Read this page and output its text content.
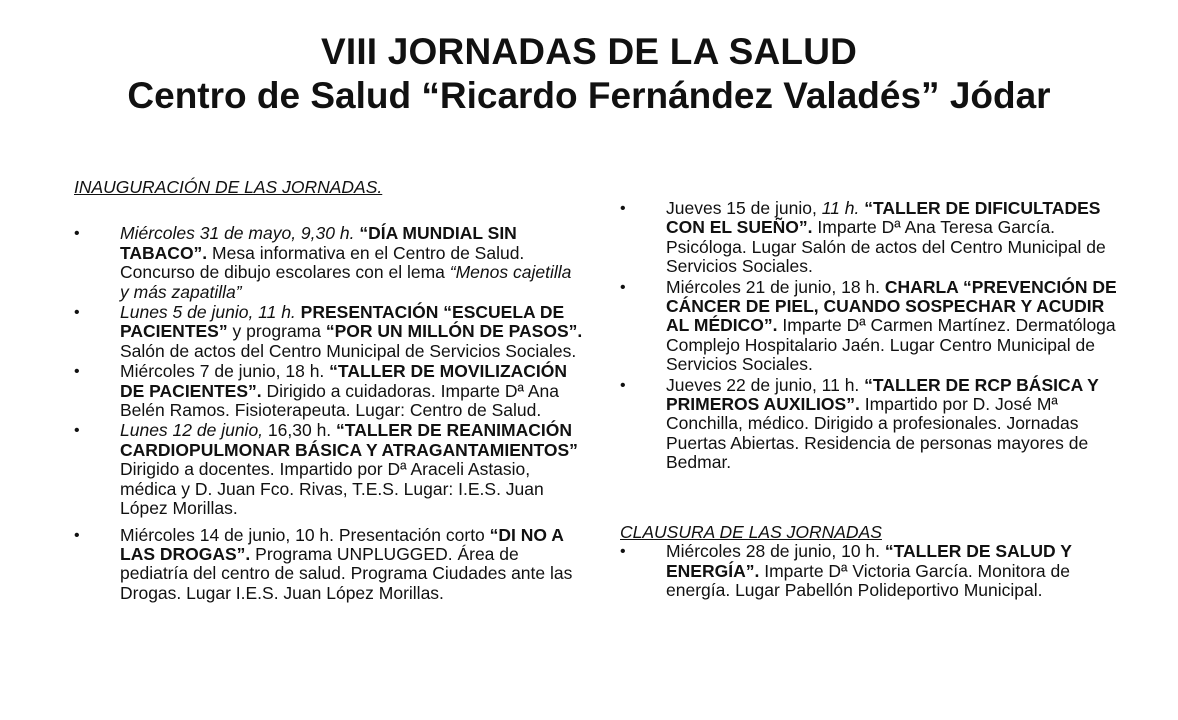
VIII JORNADAS DE LA SALUD
Centro de Salud “Ricardo Fernández Valadés” Jódar

INAUGURACIÓN DE LAS JORNADAS.

• Miércoles 31 de mayo, 9,30 h. “DÍA MUNDIAL SIN TABACO”. Mesa informativa en el Centro de Salud. Concurso de dibujo escolares con el lema “Menos cajetilla y más zapatilla”
• Lunes 5 de junio, 11 h. PRESENTACIÓN “ESCUELA DE PACIENTES” y programa “POR UN MILLÓN DE PASOS”. Salón de actos del Centro Municipal de Servicios Sociales.
• Miércoles 7 de junio, 18 h. “TALLER DE MOVILIZACIÓN DE PACIENTES”. Dirigido a cuidadoras. Imparte Dª Ana Belén Ramos. Fisioterapeuta. Lugar: Centro de Salud.
• Lunes 12 de junio, 16,30 h. “TALLER DE REANIMACIÓN CARDIOPULMONAR BÁSICA Y ATRAGANTAMIENTOS” Dirigido a docentes. Impartido por Dª Araceli Astasio, médica y D. Juan Fco. Rivas, T.E.S. Lugar: I.E.S. Juan López Morillas.
• Miércoles 14 de junio, 10 h. Presentación corto “DI NO A LAS DROGAS”. Programa UNPLUGGED. Área de pediatría del centro de salud. Programa Ciudades ante las Drogas. Lugar I.E.S. Juan López Morillas.
• Jueves 15 de junio, 11 h. “TALLER DE DIFICULTADES CON EL SUEÑO”. Imparte Dª Ana Teresa García. Psicóloga. Lugar Salón de actos del Centro Municipal de Servicios Sociales.
• Miércoles 21 de junio, 18 h. CHARLA “PREVENCIÓN DE CÁNCER DE PIEL, CUANDO SOSPECHAR Y ACUDIR AL MÉDICO”. Imparte Dª Carmen Martínez. Dermatóloga Complejo Hospitalario Jaén. Lugar Centro Municipal de Servicios Sociales.
• Jueves 22 de junio, 11 h. “TALLER DE RCP BÁSICA Y PRIMEROS AUXILIOS”. Impartido por D. José Mª Conchilla, médico. Dirigido a profesionales. Jornadas Puertas Abiertas. Residencia de personas mayores de Bedmar.

CLAUSURA DE LAS JORNADAS

• Miércoles 28 de junio, 10 h. “TALLER DE SALUD Y ENERGÍA”. Imparte Dª Victoria García. Monitora de energía. Lugar Pabellón Polideportivo Municipal.
